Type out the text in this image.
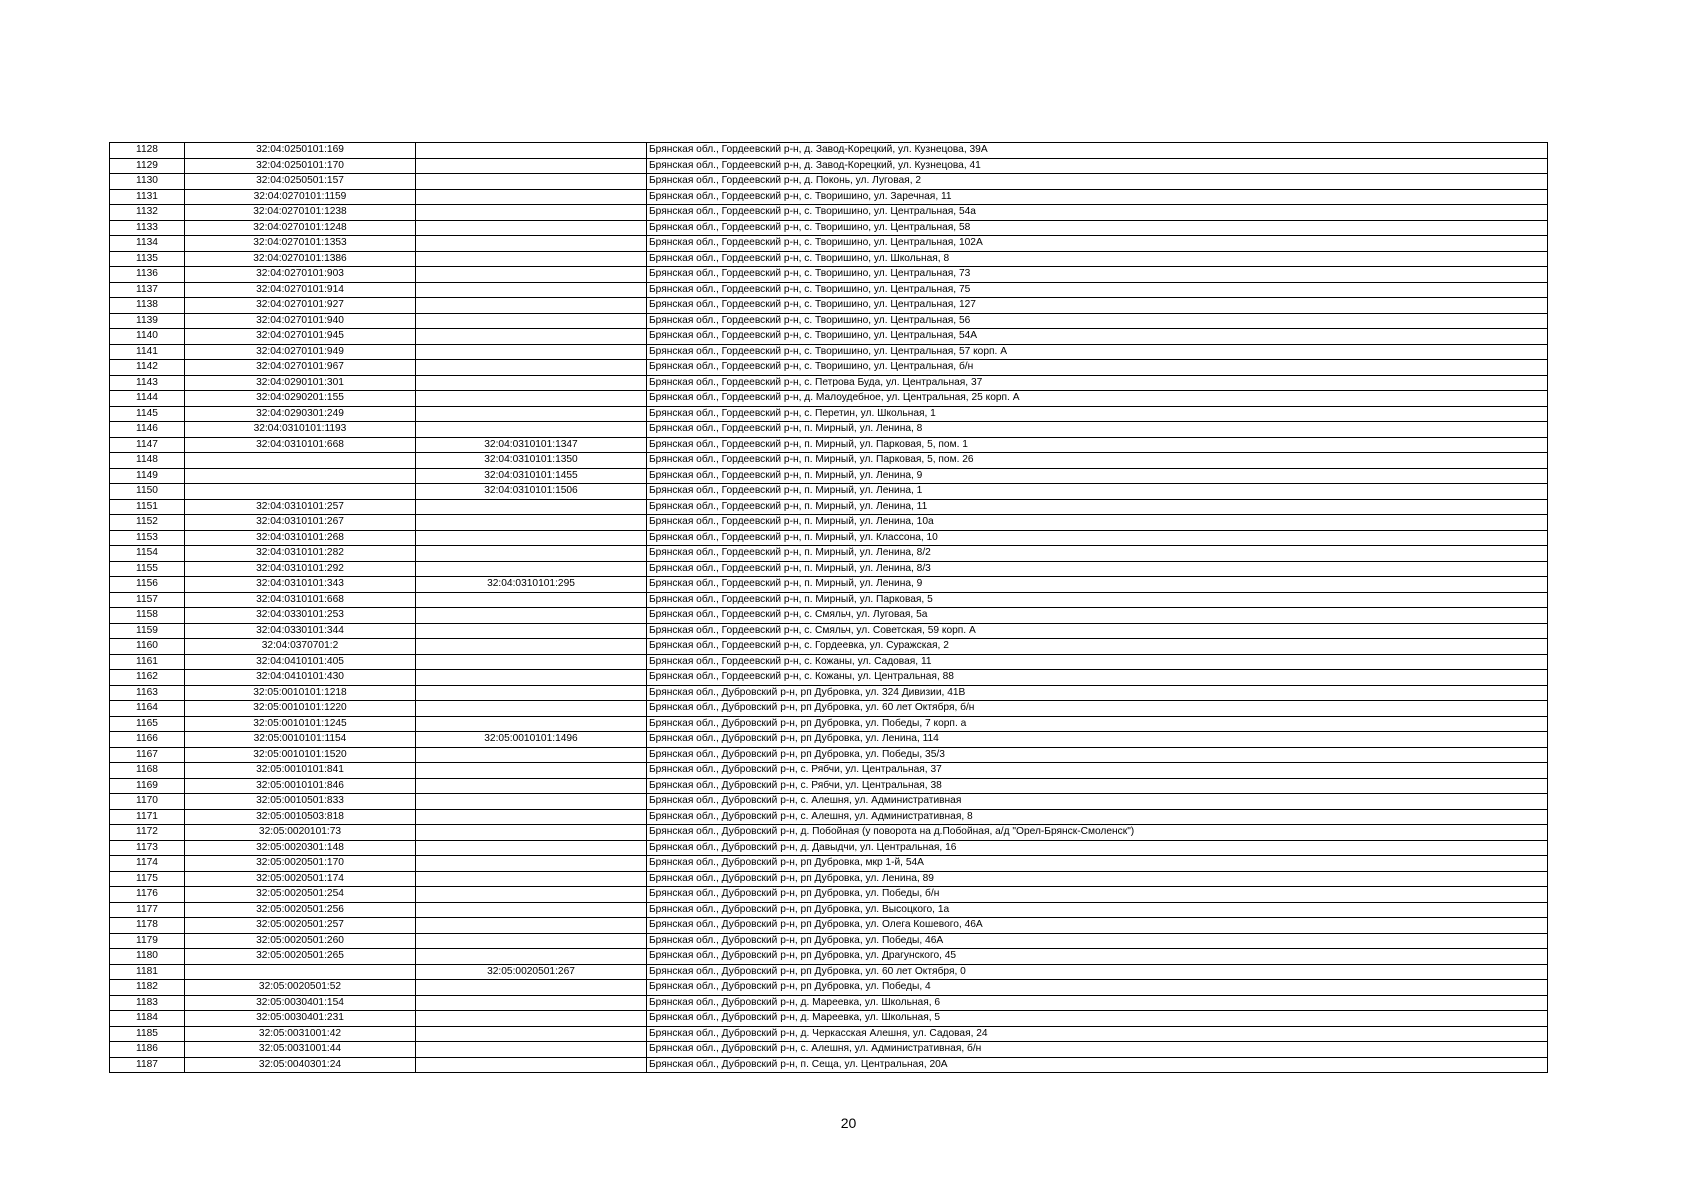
1128	32:04:0250101:169		Брянская обл., Гордеевский р-н, д. Завод-Корецкий, ул. Кузнецова, 39А
1129	32:04:0250101:170		Брянская обл., Гордеевский р-н, д. Завод-Корецкий, ул. Кузнецова, 41
1130	32:04:0250501:157		Брянская обл., Гордеевский р-н, д. Поконь, ул. Луговая, 2
1131	32:04:0270101:1159		Брянская обл., Гордеевский р-н, с. Творишино, ул. Заречная, 11
1132	32:04:0270101:1238		Брянская обл., Гордеевский р-н, с. Творишино, ул. Центральная, 54а
1133	32:04:0270101:1248		Брянская обл., Гордеевский р-н, с. Творишино, ул. Центральная, 58
1134	32:04:0270101:1353		Брянская обл., Гордеевский р-н, с. Творишино, ул. Центральная, 102А
1135	32:04:0270101:1386		Брянская обл., Гордеевский р-н, с. Творишино, ул. Школьная, 8
1136	32:04:0270101:903		Брянская обл., Гордеевский р-н, с. Творишино, ул. Центральная, 73
1137	32:04:0270101:914		Брянская обл., Гордеевский р-н, с. Творишино, ул. Центральная, 75
1138	32:04:0270101:927		Брянская обл., Гордеевский р-н, с. Творишино, ул. Центральная, 127
1139	32:04:0270101:940		Брянская обл., Гордеевский р-н, с. Творишино, ул. Центральная, 56
1140	32:04:0270101:945		Брянская обл., Гордеевский р-н, с. Творишино, ул. Центральная, 54А
1141	32:04:0270101:949		Брянская обл., Гордеевский р-н, с. Творишино, ул. Центральная, 57 корп. А
1142	32:04:0270101:967		Брянская обл., Гордеевский р-н, с. Творишино, ул. Центральная, б/н
1143	32:04:0290101:301		Брянская обл., Гордеевский р-н, с. Петрова Буда, ул. Центральная, 37
1144	32:04:0290201:155		Брянская обл., Гордеевский р-н, д. Малоудебное, ул. Центральная, 25 корп. А
1145	32:04:0290301:249		Брянская обл., Гордеевский р-н, с. Перетин, ул. Школьная, 1
1146	32:04:0310101:1193		Брянская обл., Гордеевский р-н, п. Мирный, ул. Ленина, 8
1147	32:04:0310101:668	32:04:0310101:1347	Брянская обл., Гордеевский р-н, п. Мирный, ул. Парковая, 5, пом. 1
1148		32:04:0310101:1350	Брянская обл., Гордеевский р-н, п. Мирный, ул. Парковая, 5, пом. 26
1149		32:04:0310101:1455	Брянская обл., Гордеевский р-н, п. Мирный, ул. Ленина, 9
1150		32:04:0310101:1506	Брянская обл., Гордеевский р-н, п. Мирный, ул. Ленина, 1
1151	32:04:0310101:257		Брянская обл., Гордеевский р-н, п. Мирный, ул. Ленина, 11
1152	32:04:0310101:267		Брянская обл., Гордеевский р-н, п. Мирный, ул. Ленина, 10а
1153	32:04:0310101:268		Брянская обл., Гордеевский р-н, п. Мирный, ул. Классона, 10
1154	32:04:0310101:282		Брянская обл., Гордеевский р-н, п. Мирный, ул. Ленина, 8/2
1155	32:04:0310101:292		Брянская обл., Гордеевский р-н, п. Мирный, ул. Ленина, 8/3
1156	32:04:0310101:343	32:04:0310101:295	Брянская обл., Гордеевский р-н, п. Мирный, ул. Ленина, 9
1157	32:04:0310101:668		Брянская обл., Гордеевский р-н, п. Мирный, ул. Парковая, 5
1158	32:04:0330101:253		Брянская обл., Гордеевский р-н, с. Смяльч, ул. Луговая, 5а
1159	32:04:0330101:344		Брянская обл., Гордеевский р-н, с. Смяльч, ул. Советская, 59 корп. А
1160	32:04:0370701:2		Брянская обл., Гордеевский р-н, с. Гордеевка, ул. Суражская, 2
1161	32:04:0410101:405		Брянская обл., Гордеевский р-н, с. Кожаны, ул. Садовая, 11
1162	32:04:0410101:430		Брянская обл., Гордеевский р-н, с. Кожаны, ул. Центральная, 88
1163	32:05:0010101:1218		Брянская обл., Дубровский р-н, рп Дубровка, ул. 324 Дивизии, 41В
1164	32:05:0010101:1220		Брянская обл., Дубровский р-н, рп Дубровка, ул. 60 лет Октября, б/н
1165	32:05:0010101:1245		Брянская обл., Дубровский р-н, рп Дубровка, ул. Победы, 7 корп. а
1166	32:05:0010101:1154	32:05:0010101:1496	Брянская обл., Дубровский р-н, рп Дубровка, ул. Ленина, 114
1167	32:05:0010101:1520		Брянская обл., Дубровский р-н, рп Дубровка, ул. Победы, 35/3
1168	32:05:0010101:841		Брянская обл., Дубровский р-н, с. Рябчи, ул. Центральная, 37
1169	32:05:0010101:846		Брянская обл., Дубровский р-н, с. Рябчи, ул. Центральная, 38
1170	32:05:0010501:833		Брянская обл., Дубровский р-н, с. Алешня, ул. Административная
1171	32:05:0010503:818		Брянская обл., Дубровский р-н, с. Алешня, ул. Административная, 8
1172	32:05:0020101:73		Брянская обл., Дубровский р-н, д. Побойная (у поворота на д.Побойная, а/д "Орел-Брянск-Смоленск")
1173	32:05:0020301:148		Брянская обл., Дубровский р-н, д. Давыдчи, ул. Центральная, 16
1174	32:05:0020501:170		Брянская обл., Дубровский р-н, рп Дубровка, мкр 1-й, 54А
1175	32:05:0020501:174		Брянская обл., Дубровский р-н, рп Дубровка, ул. Ленина, 89
1176	32:05:0020501:254		Брянская обл., Дубровский р-н, рп Дубровка, ул. Победы, б/н
1177	32:05:0020501:256		Брянская обл., Дубровский р-н, рп Дубровка, ул. Высоцкого, 1а
1178	32:05:0020501:257		Брянская обл., Дубровский р-н, рп Дубровка, ул. Олега Кошевого, 46А
1179	32:05:0020501:260		Брянская обл., Дубровский р-н, рп Дубровка, ул. Победы, 46А
1180	32:05:0020501:265		Брянская обл., Дубровский р-н, рп Дубровка, ул. Драгунского, 45
1181		32:05:0020501:267	Брянская обл., Дубровский р-н, рп Дубровка, ул. 60 лет Октября, 0
1182	32:05:0020501:52		Брянская обл., Дубровский р-н, рп Дубровка, ул. Победы, 4
1183	32:05:0030401:154		Брянская обл., Дубровский р-н, д. Мареевка, ул. Школьная, 6
1184	32:05:0030401:231		Брянская обл., Дубровский р-н, д. Мареевка, ул. Школьная, 5
1185	32:05:0031001:42		Брянская обл., Дубровский р-н, д. Черкасская Алешня, ул. Садовая, 24
1186	32:05:0031001:44		Брянская обл., Дубровский р-н, с. Алешня, ул. Административная, б/н
1187	32:05:0040301:24		Брянская обл., Дубровский р-н, п. Сеща, ул. Центральная, 20А
20
